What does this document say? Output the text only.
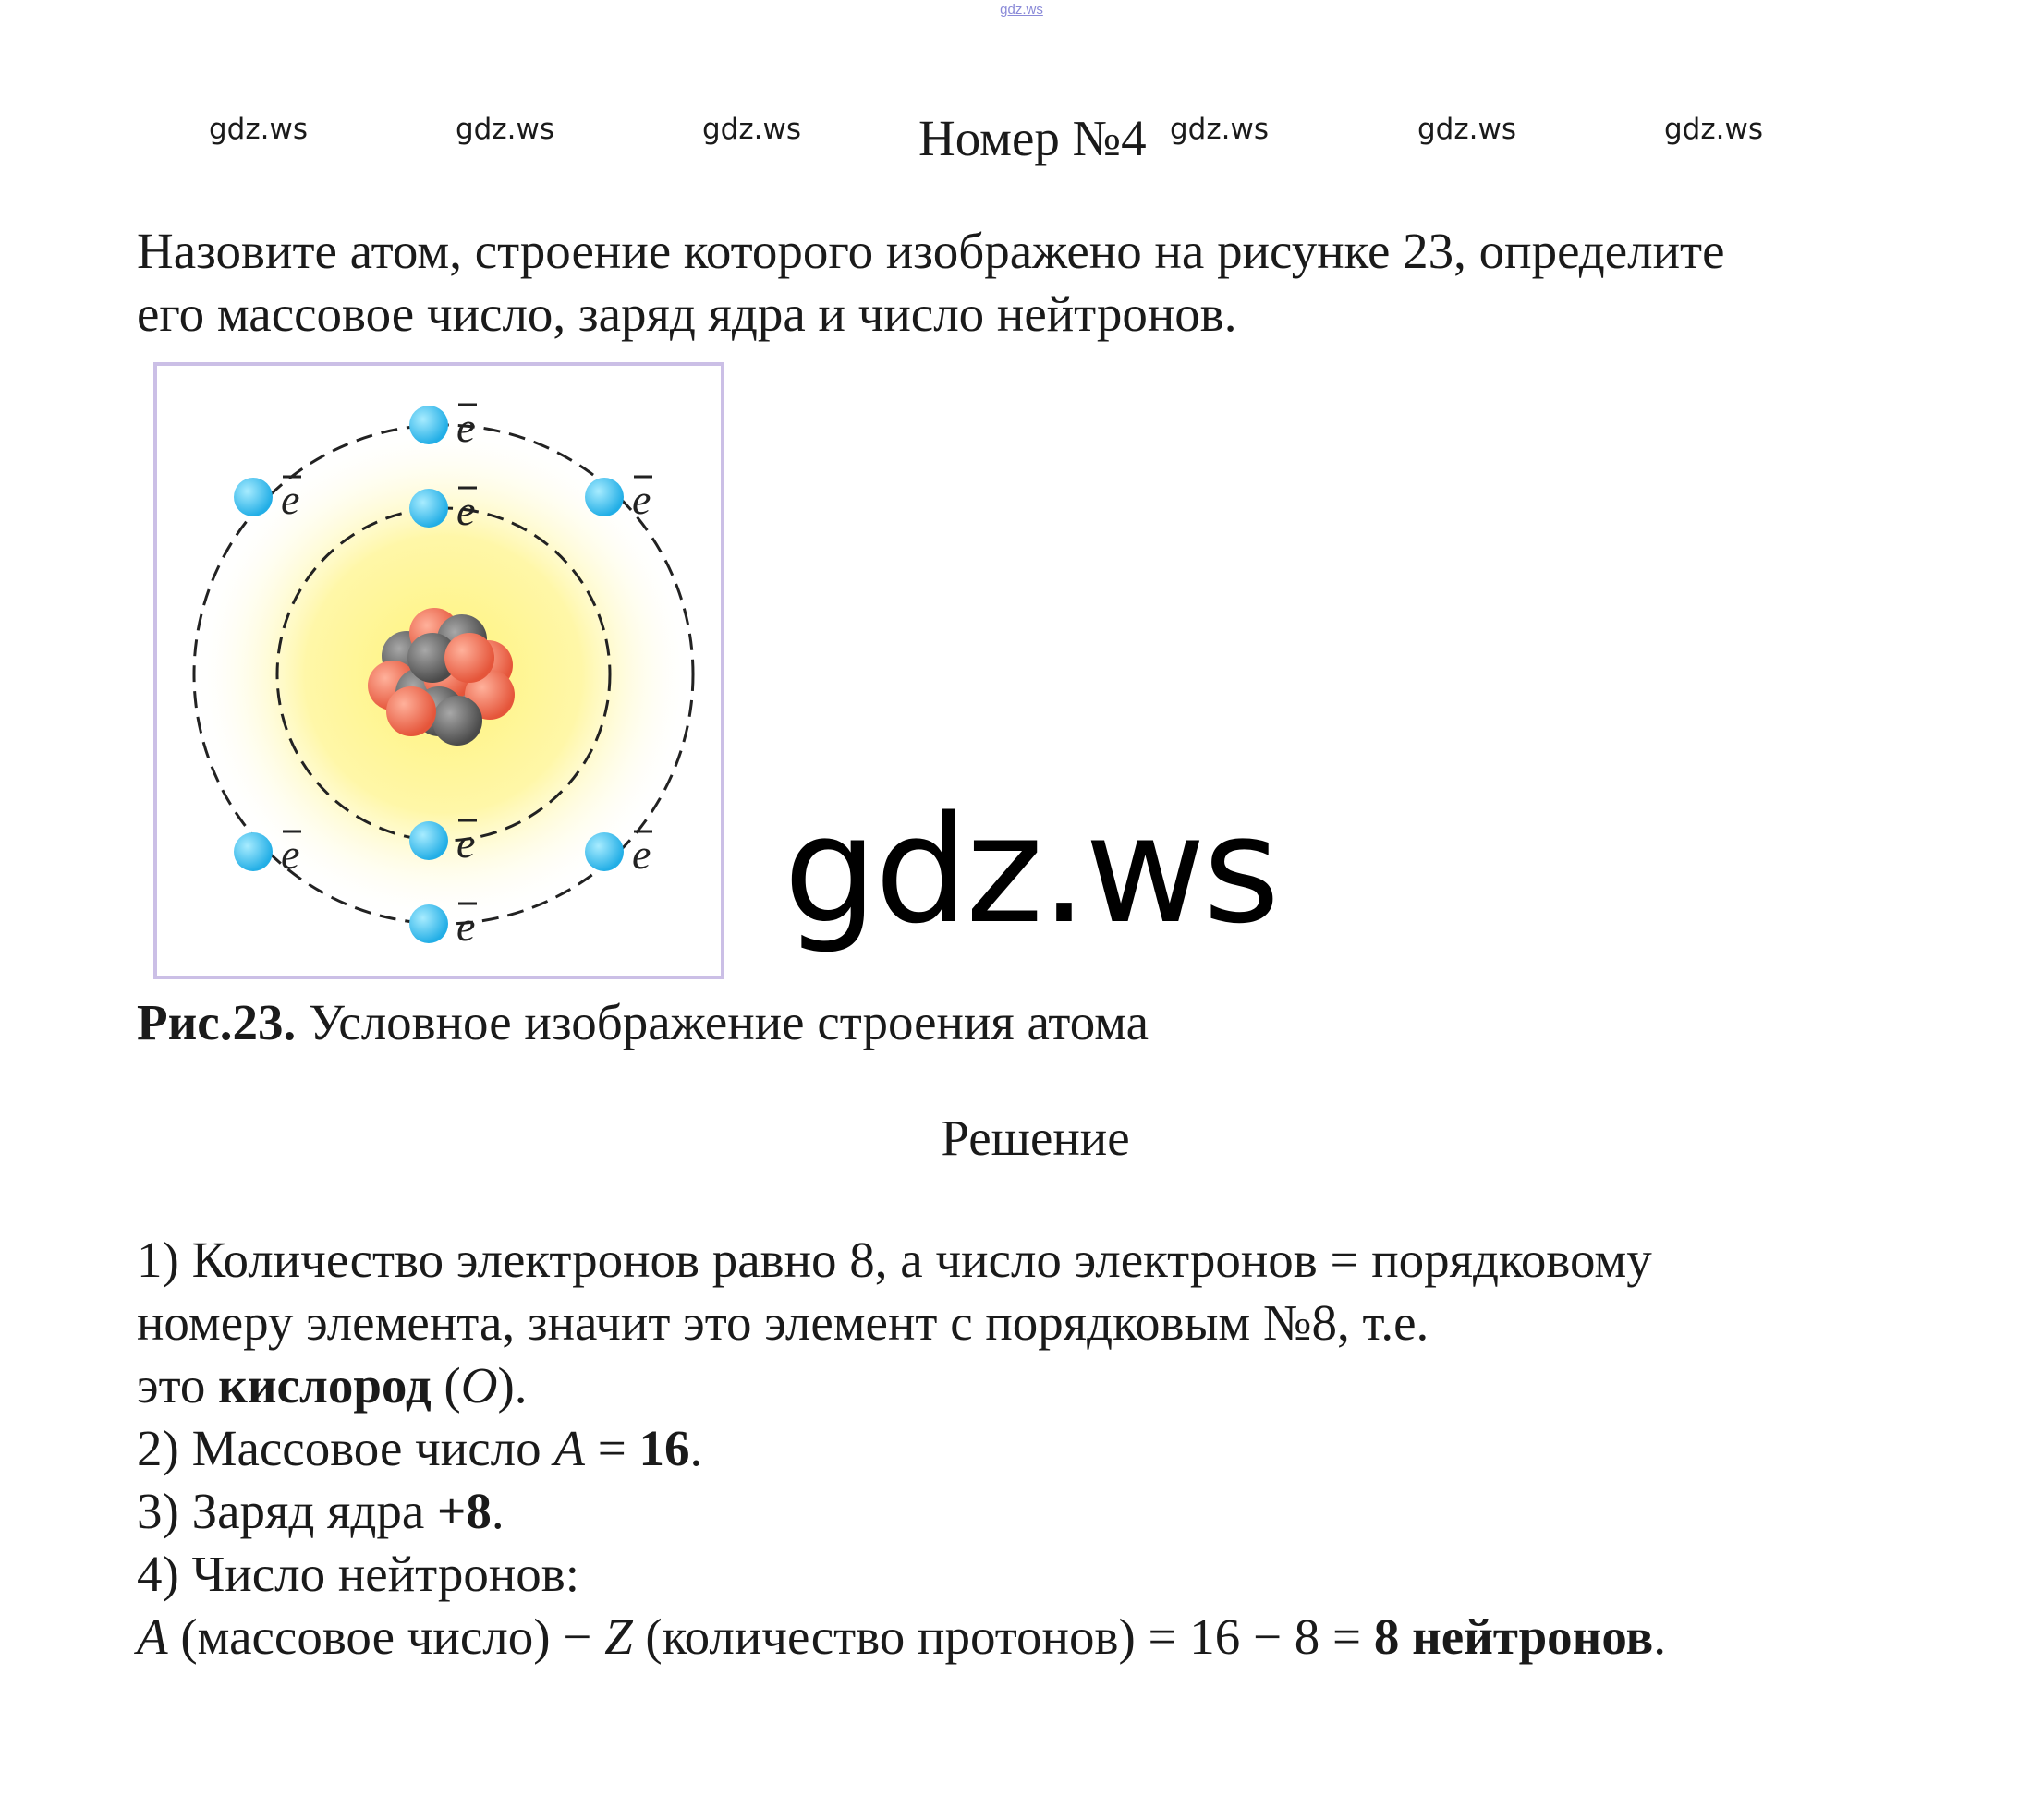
gdz.ws
gdz.ws	gdz.ws	gdz.ws Номер №4 gdz.ws	gdz.ws	gdz.ws
Назовите атом, строение которого изображено на рисунке 23, определите
его массовое число, заряд ядра и число нейтронов.
e
e	e
e	e
e
e
e gdz.ws
Рис.23. Условное изображение строения атома
Решение
1) Количество электронов равно 8, а число электронов = порядковому
номеру элемента, значит это элемент с порядковым №8, т.е.
это кислород (O).
2) Массовое число A = 16.
3) Заряд ядра +8.
4) Число нейтронов:
A (массовое число) − Z (количество протонов) = 16 − 8 = 8 нейтронов.
